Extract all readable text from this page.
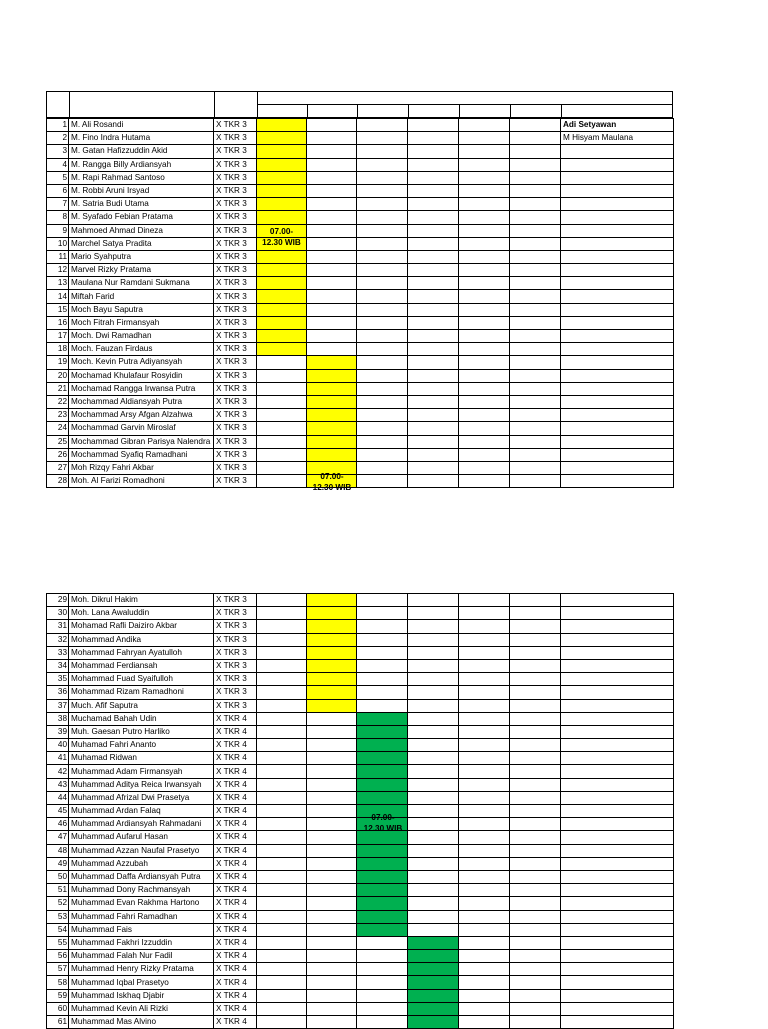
1	M. Ali Rosandi	X TKR 3							Adi Setyawan
2	M. Fino Indra Hutama	X TKR 3							M Hisyam Maulana
3	M. Gatan Hafizzuddin Akid	X TKR 3							
4	M. Rangga Billy Ardiansyah	X TKR 3							
5	M. Rapi Rahmad Santoso	X TKR 3							
6	M. Robbi Aruni Irsyad	X TKR 3							
7	M. Satria Budi Utama	X TKR 3							
8	M. Syafado Febian Pratama	X TKR 3							
9	Mahmoed Ahmad Dineza	X TKR 3							
10	Marchel Satya Pradita	X TKR 3							
11	Mario Syahputra	X TKR 3							
12	Marvel Rizky Pratama	X TKR 3							
13	Maulana Nur Ramdani Sukmana	X TKR 3							
14	Miftah Farid	X TKR 3							
15	Moch Bayu Saputra	X TKR 3							
16	Moch Fitrah Firmansyah	X TKR 3							
17	Moch. Dwi Ramadhan	X TKR 3							
18	Moch. Fauzan Firdaus	X TKR 3							
19	Moch. Kevin Putra Adiyansyah	X TKR 3							
20	Mochamad Khulafaur Rosyidin	X TKR 3							
21	Mochamad Rangga Irwansa Putra	X TKR 3							
22	Mochammad Aldiansyah Putra	X TKR 3							
23	Mochammad Arsy Afgan Alzahwa	X TKR 3							
24	Mochammad Garvin Miroslaf	X TKR 3							
25	Mochammad Gibran Parisya Nalendra	X TKR 3							
26	Mochammad Syafiq Ramadhani	X TKR 3							
27	Moh Rizqy Fahri Akbar	X TKR 3							
28	Moh. Al Farizi Romadhoni	X TKR 3							
29	Moh. Dikrul Hakim	X TKR 3							
30	Moh. Lana Awaluddin	X TKR 3							
31	Mohamad Rafli Daiziro Akbar	X TKR 3							
32	Mohammad Andika	X TKR 3							
33	Mohammad Fahryan Ayatulloh	X TKR 3							
34	Mohammad Ferdiansah	X TKR 3							
35	Mohammad Fuad Syaifulloh	X TKR 3							
36	Mohammad Rizam Ramadhoni	X TKR 3							
37	Much. Afif Saputra	X TKR 3							
38	Muchamad Bahah Udin	X TKR 4							
39	Muh. Gaesan Putro Harliko	X TKR 4							
40	Muhamad Fahri Ananto	X TKR 4							
41	Muhamad Ridwan	X TKR 4							
42	Muhammad Adam Firmansyah	X TKR 4							
43	Muhammad Aditya Reica Irwansyah	X TKR 4							
44	Muhammad Afrizal Dwi Prasetya	X TKR 4							
45	Muhammad Ardan Falaq	X TKR 4							
46	Muhammad Ardiansyah Rahmadani	X TKR 4							
47	Muhammad Aufarul Hasan	X TKR 4							
48	Muhammad Azzan Naufal Prasetyo	X TKR 4							
49	Muhammad Azzubah	X TKR 4							
50	Muhammad Daffa Ardiansyah Putra	X TKR 4							
51	Muhammad Dony Rachmansyah	X TKR 4							
52	Muhammad Evan Rakhma Hartono	X TKR 4							
53	Muhammad Fahri Ramadhan	X TKR 4							
54	Muhammad Fais	X TKR 4							
55	Muhammad Fakhri Izzuddin	X TKR 4							
56	Muhammad Falah Nur Fadil	X TKR 4							
57	Muhammad Henry Rizky Pratama	X TKR 4							
58	Muhammad Iqbal Prasetyo	X TKR 4							
59	Muhammad Iskhaq Djabir	X TKR 4							
60	Muhammad Kevin Ali Rizki	X TKR 4							
61	Muhammad Mas Alvino	X TKR 4							
07.00-
12.30 WIB
07.00-
12.30 WIB
07.00-
12.30 WIB
